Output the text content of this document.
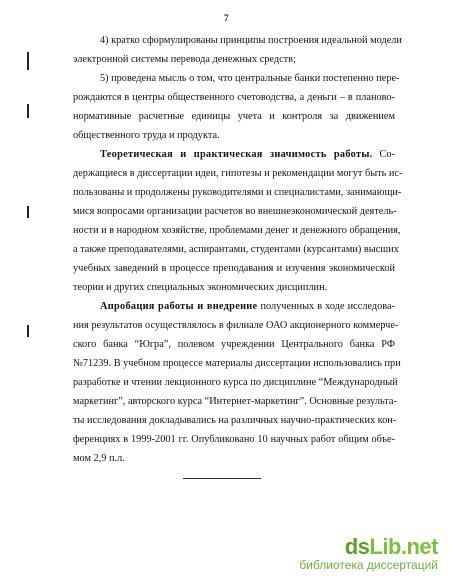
7
4) кратко сформулированы принципы построения идеальной модели
электронной системы перевода денежных средств;
5) проведена мысль о том, что центральные банки постепенно пере-
рождаются в центры общественного счетоводства, а деньги – в планово-
нормативные расчетные единицы учета и контроля за движением
общественного труда и продукта.
Теоретическая и практическая значимость работы. Со-
держащиеся в диссертации идеи, гипотезы и рекомендации могут быть ис-
пользованы и продолжены руководителями и специалистами, занимающи-
мися вопросами организации расчетов во внешнеэкономической деятель-
ности и в народном хозяйстве, проблемами денег и денежного обращения,
а также преподавателями, аспирантами, студентами (курсантами) высших
учебных заведений в процессе преподавания и изучения экономической
теории и других специальных экономических дисциплин.
Апробация работы и внедрение полученных в ходе исследова-
ния результатов осуществлялось в филиале ОАО акционерного коммерче-
ского банка “Югра”, полевом учреждении Центрального банка РФ
№71239. В учебном процессе материалы диссертации использовались при
разработке и чтении лекционного курса по дисциплине “Международный
маркетинг”, авторского курса “Интернет-маркетинг”. Основные результа-
ты исследования докладывались на различных научно-практических кон-
ференциях в 1999-2001 гг. Опубликовано 10 научных работ общим объе-
мом 2,9 п.л.
dsLib.net
библиотека диссертаций
